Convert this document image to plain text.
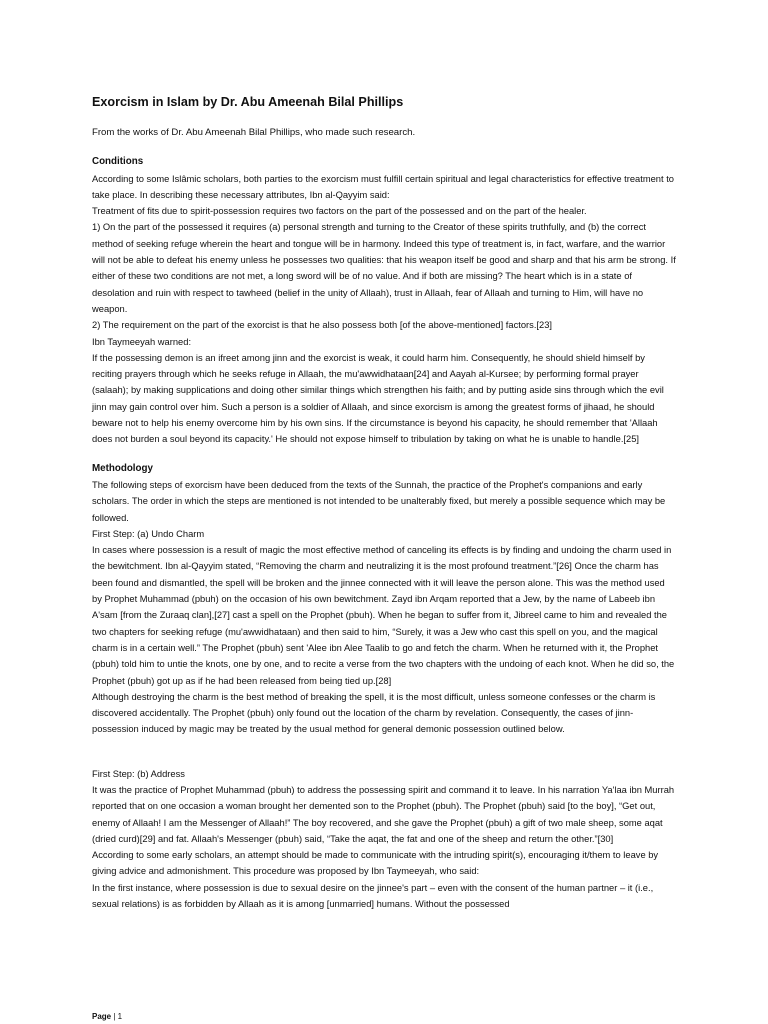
Exorcism in Islam by Dr. Abu Ameenah Bilal Phillips

From the works of Dr. Abu Ameenah Bilal Phillips, who made such research.

Conditions

According to some Islâmic scholars, both parties to the exorcism must fulfill certain spiritual and legal characteristics for effective treatment to take place. In describing these necessary attributes, Ibn al-Qayyim said:

Treatment of fits due to spirit-possession requires two factors on the part of the possessed and on the part of the healer.

1) On the part of the possessed it requires (a) personal strength and turning to the Creator of these spirits truthfully, and (b) the correct method of seeking refuge wherein the heart and tongue will be in harmony. Indeed this type of treatment is, in fact, warfare, and the warrior will not be able to defeat his enemy unless he possesses two qualities: that his weapon itself be good and sharp and that his arm be strong. If either of these two conditions are not met, a long sword will be of no value. And if both are missing? The heart which is in a state of desolation and ruin with respect to tawheed (belief in the unity of Allaah), trust in Allaah, fear of Allaah and turning to Him, will have no weapon.

2) The requirement on the part of the exorcist is that he also possess both [of the above-mentioned] factors.[23]

Ibn Taymeeyah warned:

If the possessing demon is an ifreet among jinn and the exorcist is weak, it could harm him. Consequently, he should shield himself by reciting prayers through which he seeks refuge in Allaah, the mu'awwidhataan[24] and Aayah al-Kursee; by performing formal prayer (salaah); by making supplications and doing other similar things which strengthen his faith; and by putting aside sins through which the evil jinn may gain control over him. Such a person is a soldier of Allaah, and since exorcism is among the greatest forms of jihaad, he should beware not to help his enemy overcome him by his own sins. If the circumstance is beyond his capacity, he should remember that 'Allaah does not burden a soul beyond its capacity.' He should not expose himself to tribulation by taking on what he is unable to handle.[25]

Methodology

The following steps of exorcism have been deduced from the texts of the Sunnah, the practice of the Prophet's companions and early scholars. The order in which the steps are mentioned is not intended to be unalterably fixed, but merely a possible sequence which may be followed.

First Step: (a) Undo Charm

In cases where possession is a result of magic the most effective method of canceling its effects is by finding and undoing the charm used in the bewitchment. Ibn al-Qayyim stated, “Removing the charm and neutralizing it is the most profound treatment.”[26] Once the charm has been found and dismantled, the spell will be broken and the jinnee connected with it will leave the person alone. This was the method used by Prophet Muhammad (pbuh) on the occasion of his own bewitchment. Zayd ibn Arqam reported that a Jew, by the name of Labeeb ibn A'sam [from the Zuraaq clan],[27] cast a spell on the Prophet (pbuh). When he began to suffer from it, Jibreel came to him and revealed the two chapters for seeking refuge (mu'awwidhataan) and then said to him, “Surely, it was a Jew who cast this spell on you, and the magical charm is in a certain well.” The Prophet (pbuh) sent 'Alee ibn Alee Taalib to go and fetch the charm. When he returned with it, the Prophet (pbuh) told him to untie the knots, one by one, and to recite a verse from the two chapters with the undoing of each knot. When he did so, the Prophet (pbuh) got up as if he had been released from being tied up.[28]

Although destroying the charm is the best method of breaking the spell, it is the most difficult, unless someone confesses or the charm is discovered accidentally. The Prophet (pbuh) only found out the location of the charm by revelation. Consequently, the cases of jinn-possession induced by magic may be treated by the usual method for general demonic possession outlined below.

First Step: (b) Address

It was the practice of Prophet Muhammad (pbuh) to address the possessing spirit and command it to leave. In his narration Ya'laa ibn Murrah reported that on one occasion a woman brought her demented son to the Prophet (pbuh). The Prophet (pbuh) said [to the boy], “Get out, enemy of Allaah! I am the Messenger of Allaah!” The boy recovered, and she gave the Prophet (pbuh) a gift of two male sheep, some aqat (dried curd)[29] and fat. Allaah's Messenger (pbuh) said, “Take the aqat, the fat and one of the sheep and return the other.”[30]

According to some early scholars, an attempt should be made to communicate with the intruding spirit(s), encouraging it/them to leave by giving advice and admonishment. This procedure was proposed by Ibn Taymeeyah, who said:

In the first instance, where possession is due to sexual desire on the jinnee's part – even with the consent of the human partner – it (i.e., sexual relations) is as forbidden by Allaah as it is among [unmarried] humans. Without the possessed

Page | 1
